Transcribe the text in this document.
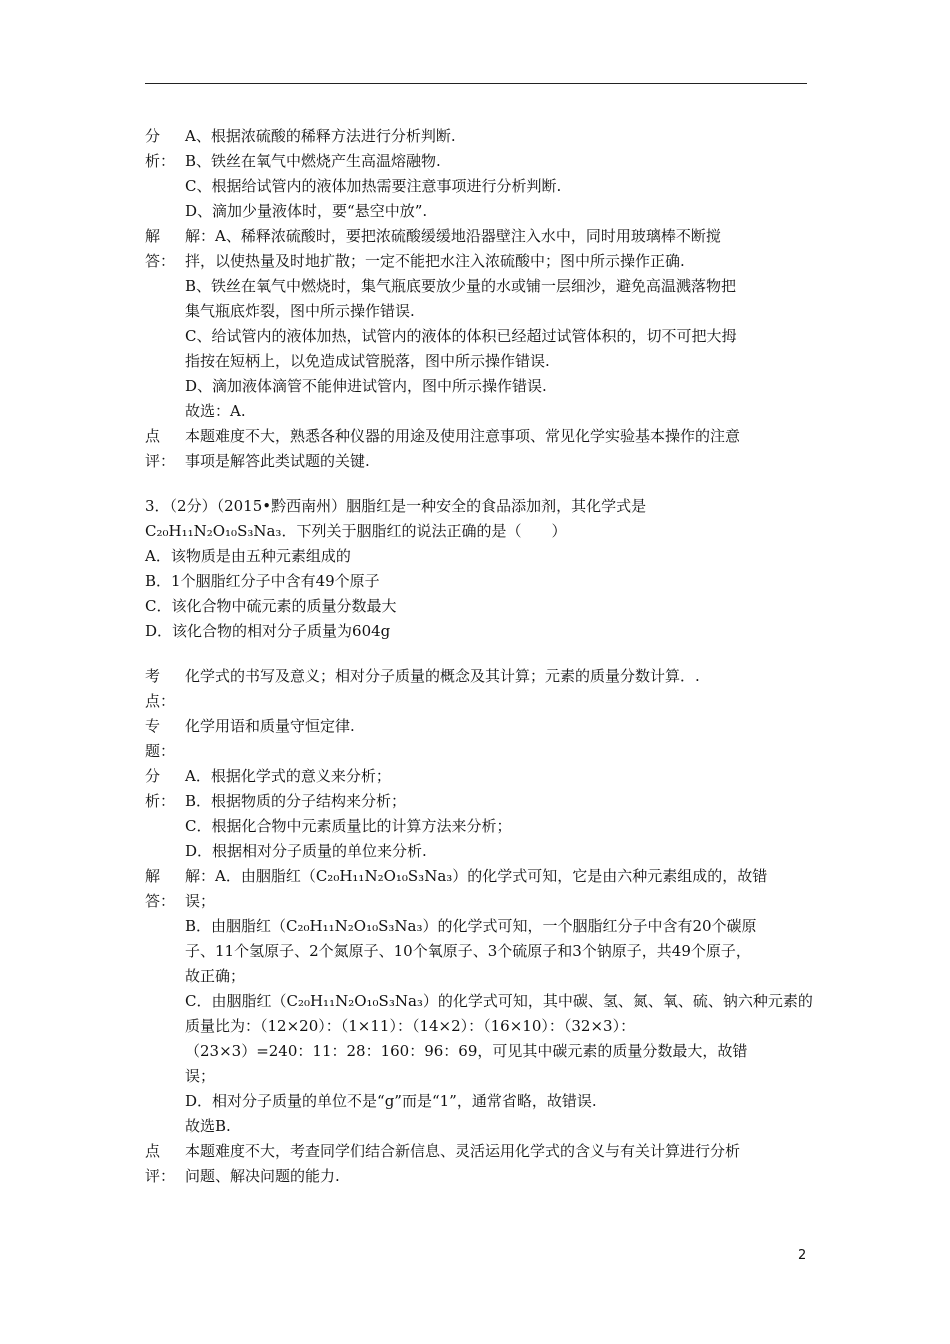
分
析：
A、根据浓硫酸的稀释方法进行分析判断.
B、铁丝在氧气中燃烧产生高温熔融物.
C、根据给试管内的液体加热需要注意事项进行分析判断.
D、滴加少量液体时，要“悬空中放”.
解
答：
解：A、稀释浓硫酸时，要把浓硫酸缓缓地沿器壁注入水中，同时用玻璃棒不断搅
拌，以使热量及时地扩散；一定不能把水注入浓硫酸中；图中所示操作正确.
B、铁丝在氧气中燃烧时，集气瓶底要放少量的水或铺一层细沙，避免高温溅落物把
集气瓶底炸裂，图中所示操作错误.
C、给试管内的液体加热，试管内的液体的体积已经超过试管体积的，切不可把大拇
指按在短柄上，以免造成试管脱落，图中所示操作错误.
D、滴加液体滴管不能伸进试管内，图中所示操作错误.
故选：A.
点
评：
本题难度不大，熟悉各种仪器的用途及使用注意事项、常见化学实验基本操作的注意
事项是解答此类试题的关键.
3．（2分）（2015•黔西南州）胭脂红是一种安全的食品添加剂，其化学式是
C₂₀H₁₁N₂O₁₀S₃Na₃．下列关于胭脂红的说法正确的是（　　）
A．该物质是由五种元素组成的
B．1个胭脂红分子中含有49个原子
C．该化合物中硫元素的质量分数最大
D．该化合物的相对分子质量为604g
考
点：
化学式的书写及意义；相对分子质量的概念及其计算；元素的质量分数计算．.
专
题：
化学用语和质量守恒定律.
分
析：
A．根据化学式的意义来分析；
B．根据物质的分子结构来分析；
C．根据化合物中元素质量比的计算方法来分析；
D．根据相对分子质量的单位来分析.
解
答：
解：A．由胭脂红（C₂₀H₁₁N₂O₁₀S₃Na₃）的化学式可知，它是由六种元素组成的，故错
误；
B．由胭脂红（C₂₀H₁₁N₂O₁₀S₃Na₃）的化学式可知，一个胭脂红分子中含有20个碳原
子、11个氢原子、2个氮原子、10个氧原子、3个硫原子和3个钠原子，共49个原子，
故正确；
C．由胭脂红（C₂₀H₁₁N₂O₁₀S₃Na₃）的化学式可知，其中碳、氢、氮、氧、硫、钠六种元素的
质量比为：（12×20）：（1×11）：（14×2）：（16×10）：（32×3）：
（23×3）=240：11：28：160：96：69，可见其中碳元素的质量分数最大，故错
误；
D．相对分子质量的单位不是“g”而是“1”，通常省略，故错误.
故选B.
点
评：
本题难度不大，考查同学们结合新信息、灵活运用化学式的含义与有关计算进行分析
问题、解决问题的能力.
2
